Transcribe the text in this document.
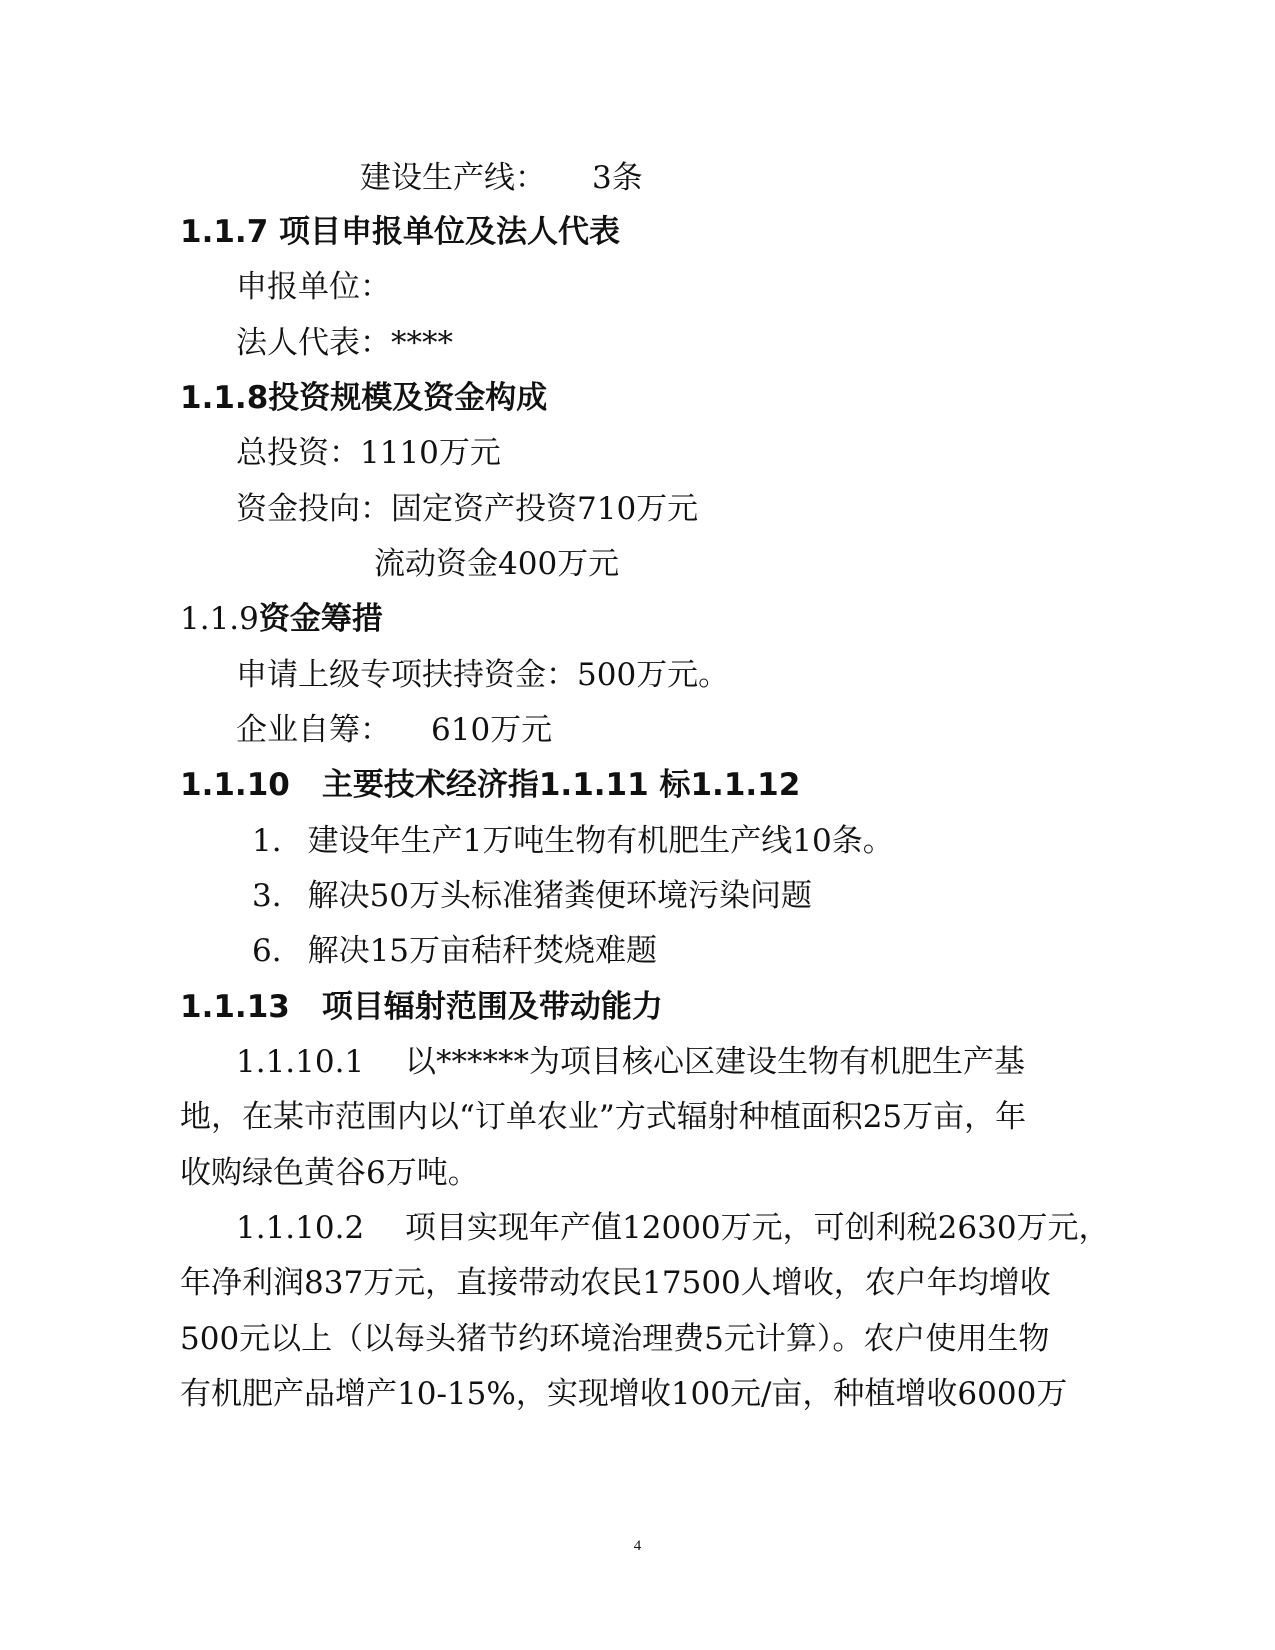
建设生产线： 3条
1.1.7 项目申报单位及法人代表
申报单位：
法人代表：****
1.1.8投资规模及资金构成
总投资：1110万元
资金投向：固定资产投资710万元
流动资金400万元
1.1.9资金筹措
申请上级专项扶持资金：500万元。
企业自筹： 610万元
1.1.10 主要技术经济指1.1.11 标1.1.12
1. 建设年生产1万吨生物有机肥生产线10条。
3. 解决50万头标准猪粪便环境污染问题
6. 解决15万亩秸秆焚烧难题
1.1.13 项目辐射范围及带动能力
1.1.10.1　 以******为项目核心区建设生物有机肥生产基
地，在某市范围内以“订单农业”方式辐射种植面积25万亩，年
收购绿色黄谷6万吨。
1.1.10.2　 项目实现年产值12000万元，可创利税2630万元，
年净利润837万元，直接带动农民17500人增收，农户年均增收
500元以上（以每头猪节约环境治理费5元计算）。农户使用生物
有机肥产品增产10-15%，实现增收100元/亩，种植增收6000万
4
